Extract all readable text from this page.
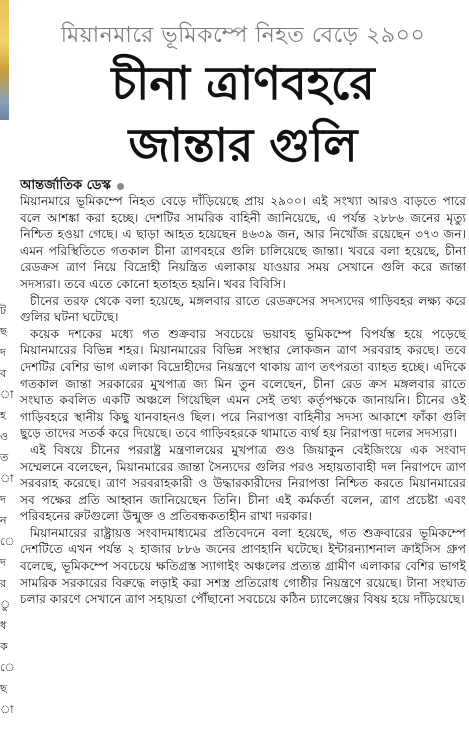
ট
ছ
দ
ব
া
হ
ও
ত
া
দ
ন
ে
দ
র
ু
ধ
ক
ে
ছ
া
মিয়ানমারে ভূমিকম্পে নিহত বেড়ে ২৯০০
চীনা ত্রাণবহরে
জান্তার গুলি
আন্তর্জাতিক ডেস্ক

মিয়ানমারে ভূমিকম্পে নিহত বেড়ে দাঁড়িয়েছে প্রায় ২৯০০। এই সংখ্যা আরও বাড়তে পারে বলে আশঙ্কা করা হচ্ছে। দেশটির সামরিক বাহিনী জানিয়েছে, এ পর্যন্ত ২৮৮৬ জনের মৃত্যু নিশ্চিত হওয়া গেছে। এ ছাড়া আহত হয়েছেন ৪৬৩৯ জন, আর নিখোঁজ রয়েছেন ৩৭৩ জন। এমন পরিস্থিতিতে গতকাল চীনা ত্রাণবহরে গুলি চালিয়েছে জান্তা। খবরে বলা হয়েছে, চীনা রেডক্রস ত্রাণ নিয়ে বিদ্রোহী নিয়ন্ত্রিত এলাকায় যাওয়ার সময় সেখানে গুলি করে জান্তা সদস্যরা। তবে এতে কোনো হতাহত হয়নি। খবর বিবিসি।

চীনের তরফ থেকে বলা হয়েছে, মঙ্গলবার রাতে রেডক্রসের সদস্যদের গাড়িবহর লক্ষ্য করে গুলির ঘটনা ঘটেছে।

কয়েক দশকের মধ্যে গত শুক্রবার সবচেয়ে ভয়াবহ ভূমিকম্পে বিপর্যস্ত হয়ে পড়েছে মিয়ানমারের বিভিন্ন শহর। মিয়ানমারের বিভিন্ন সংস্থার লোকজন ত্রাণ সরবরাহ করছে। তবে দেশটির বেশির ভাগ এলাকা বিদ্রোহীদের নিয়ন্ত্রণে থাকায় ত্রাণ তৎপরতা ব্যাহত হচ্ছে। এদিকে গতকাল জান্তা সরকারের মুখপাত্র জ্য মিন তুন বলেছেন, চীনা রেড ক্রস মঙ্গলবার রাতে সংঘাত কবলিত একটি অঞ্চলে গিয়েছিল এমন সেই তথ্য কর্তৃপক্ষকে জানায়নি। চীনের ওই গাড়িবহরে স্থানীয় কিছু যানবাহনও ছিল। পরে নিরাপত্তা বাহিনীর সদস্য আকাশে ফাঁকা গুলি ছুড়ে তাদের সতর্ক করে দিয়েছে। তবে গাড়িবহরকে থামাতে ব্যর্থ হয় নিরাপত্তা দলের সদস্যরা।

এই বিষয়ে চীনের পররাষ্ট্র মন্ত্রণালয়ের মুখপাত্র গুও জিয়াকুন বেইজিংয়ে এক সংবাদ সম্মেলনে বলেছেন, মিয়ানমারের জান্তা সৈন্যদের গুলির পরও সহায়তাবাহী দল নিরাপদে ত্রাণ সরবরাহ করেছে। ত্রাণ সরবরাহকারী ও উদ্ধারকারীদের নিরাপত্তা নিশ্চিত করতে মিয়ানমারের সব পক্ষের প্রতি আহ্বান জানিয়েছেন তিনি। চীনা এই কর্মকর্তা বলেন, ত্রাণ প্রচেষ্টা এবং পরিবহনের রুটগুলো উন্মুক্ত ও প্রতিবন্ধকতাহীন রাখা দরকার।

মিয়ানমারের রাষ্ট্রায়ত্ত সংবাদমাধ্যমের প্রতিবেদনে বলা হয়েছে, গত শুক্রবারের ভূমিকম্পে দেশটিতে এখন পর্যন্ত ২ হাজার ৮৮৬ জনের প্রাণহানি ঘটেছে। ইন্টারন্যাশনাল ক্রাইসিস গ্রুপ বলেছে, ভূমিকম্পে সবচেয়ে ক্ষতিগ্রস্ত স্যাগাইং অঞ্চলের প্রত্যন্ত গ্রামীণ এলাকার বেশির ভাগই সামরিক সরকারের বিরুদ্ধে লড়াই করা সশস্ত্র প্রতিরোধ গোষ্ঠীর নিয়ন্ত্রণে রয়েছে। টানা সংঘাত চলার কারণে সেখানে ত্রাণ সহায়তা পৌঁছানো সবচেয়ে কঠিন চ্যালেঞ্জের বিষয় হয়ে দাঁড়িয়েছে।
